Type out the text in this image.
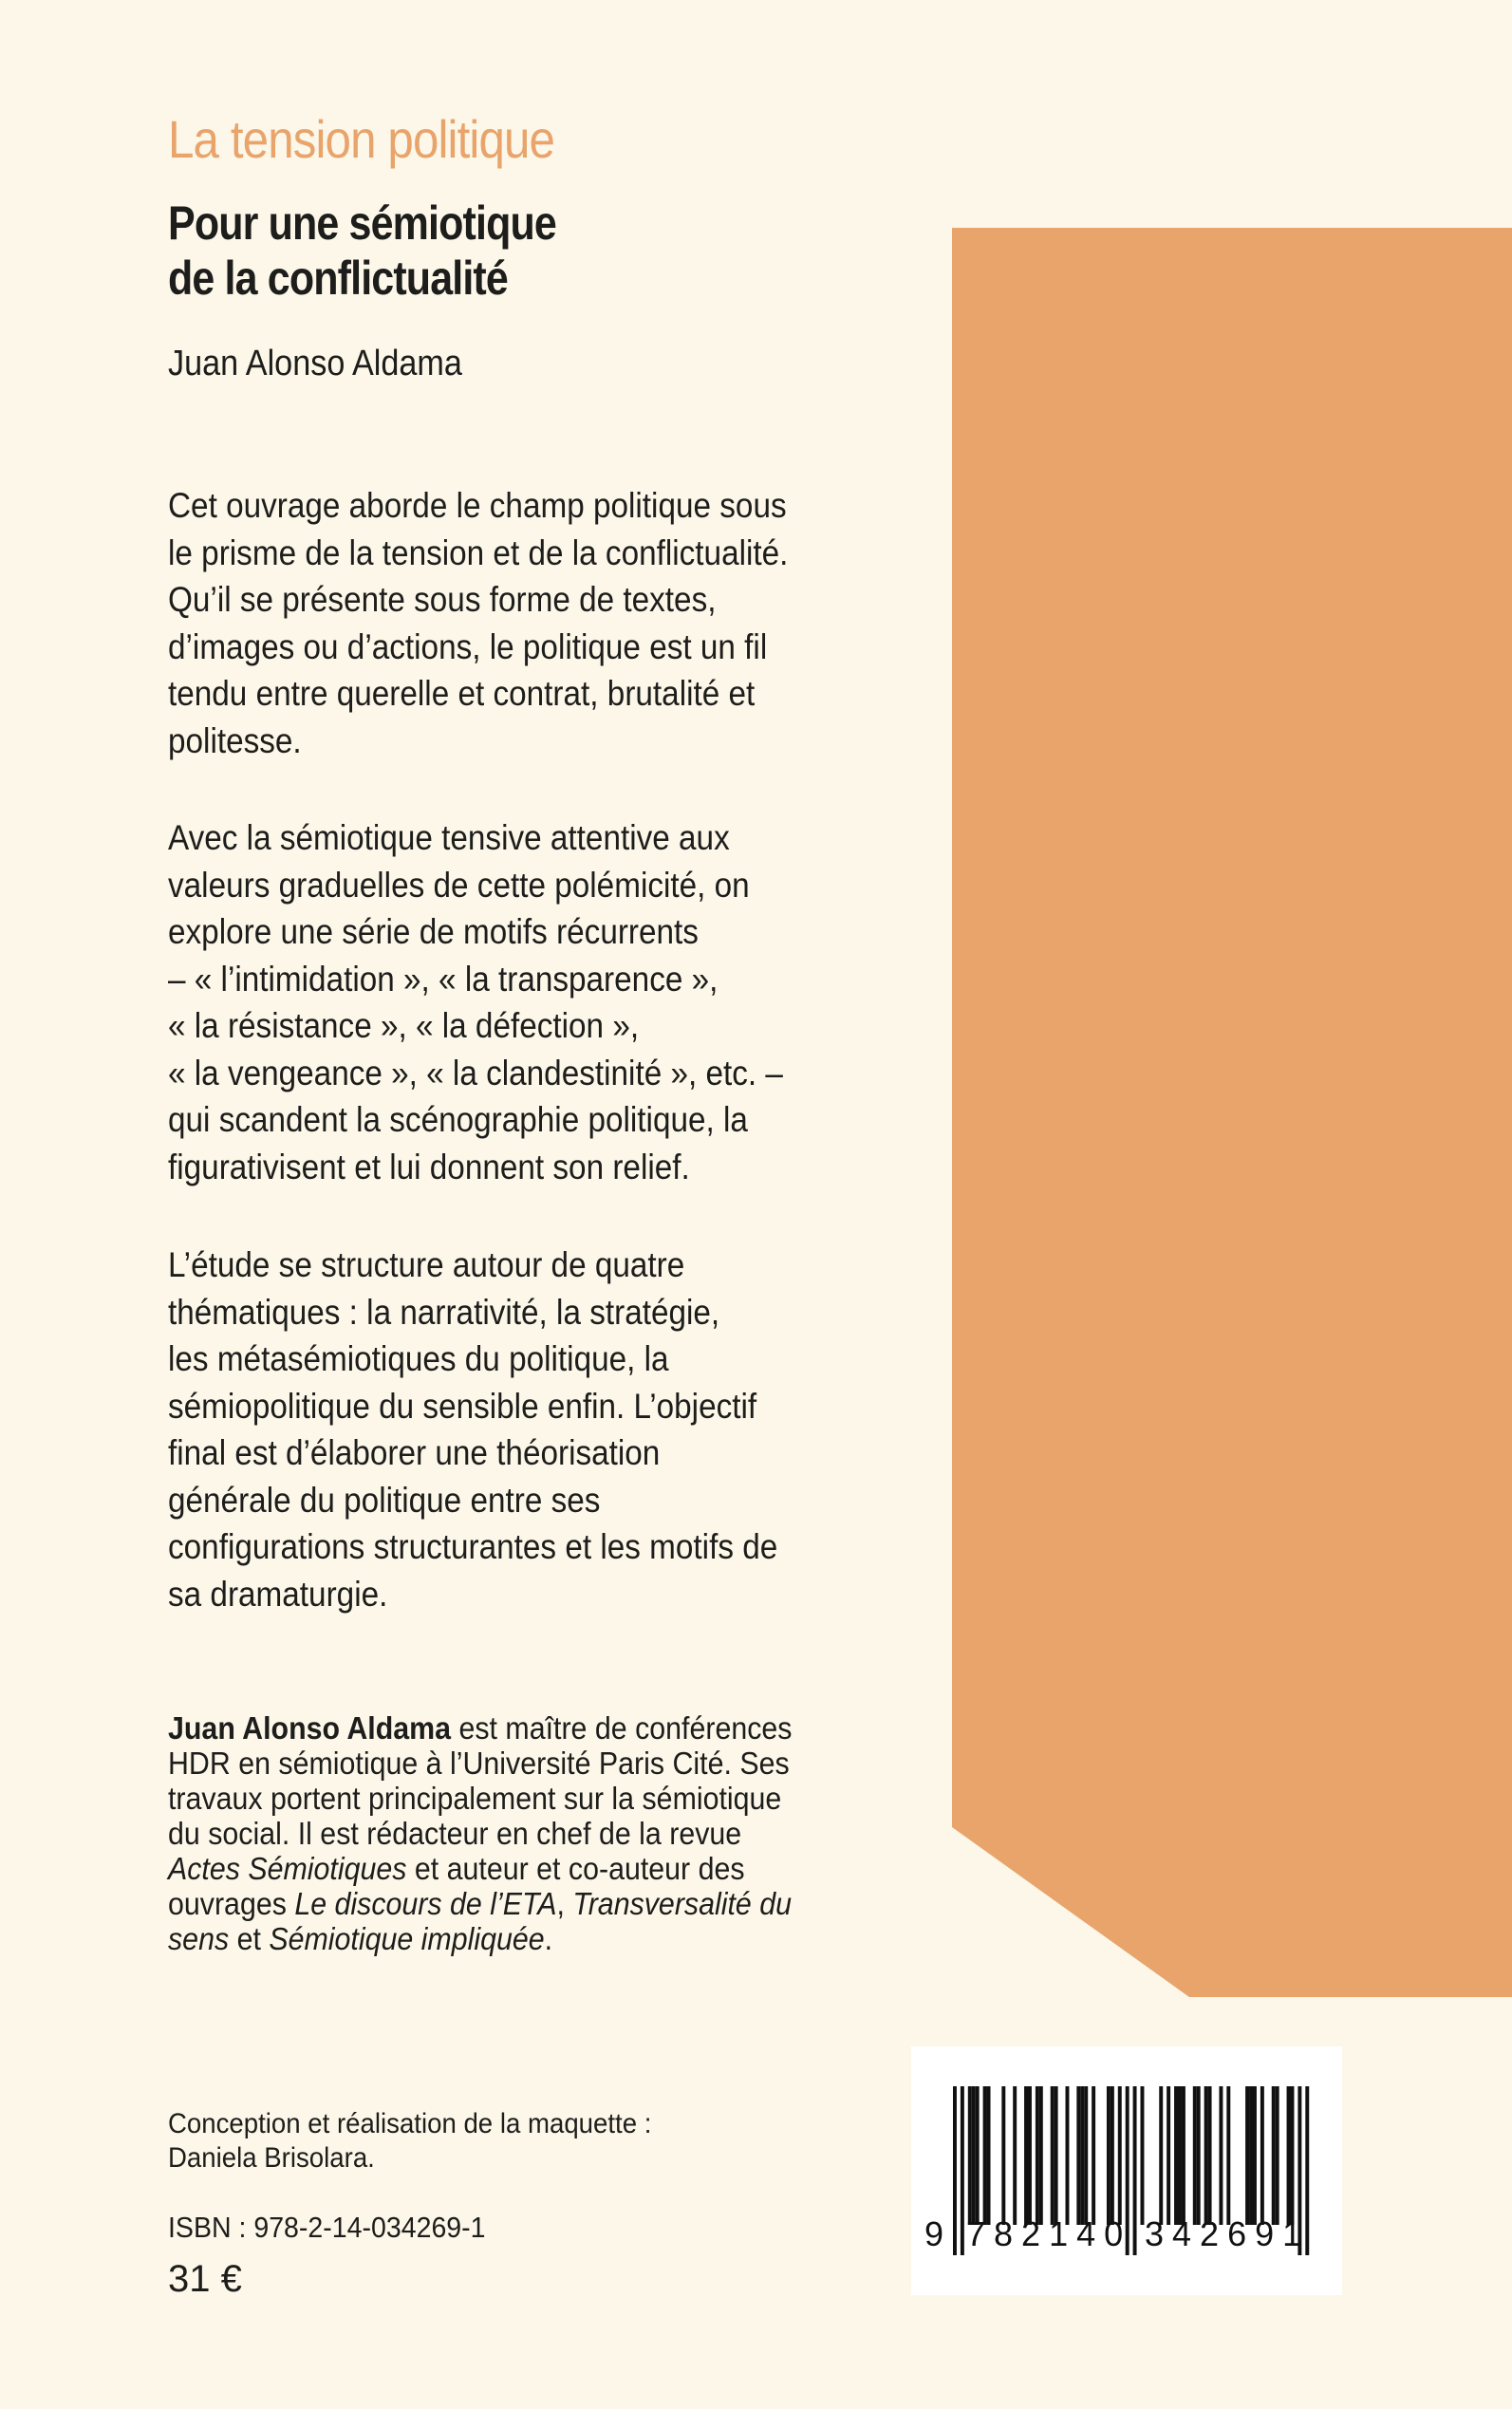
La tension politique
Pour une sémiotique
de la conflictualité
Juan Alonso Aldama

Cet ouvrage aborde le champ politique sous
le prisme de la tension et de la conflictualité.
Qu’il se présente sous forme de textes,
d’images ou d’actions, le politique est un fil
tendu entre querelle et contrat, brutalité et
politesse.

Avec la sémiotique tensive attentive aux
valeurs graduelles de cette polémicité, on
explore une série de motifs récurrents
– « l’intimidation », « la transparence »,
« la résistance », « la défection »,
« la vengeance », « la clandestinité », etc. –
qui scandent la scénographie politique, la
figurativisent et lui donnent son relief.

L’étude se structure autour de quatre
thématiques : la narrativité, la stratégie,
les métasémiotiques du politique, la
sémiopolitique du sensible enfin. L’objectif
final est d’élaborer une théorisation
générale du politique entre ses
configurations structurantes et les motifs de
sa dramaturgie.

Juan Alonso Aldama est maître de conférences
HDR en sémiotique à l’Université Paris Cité. Ses
travaux portent principalement sur la sémiotique
du social. Il est rédacteur en chef de la revue
Actes Sémiotiques et auteur et co-auteur des
ouvrages Le discours de l’ETA, Transversalité du
sens et Sémiotique impliquée.

Conception et réalisation de la maquette :
Daniela Brisolara.
ISBN : 978-2-14-034269-1
31 €
9 782140 342691
